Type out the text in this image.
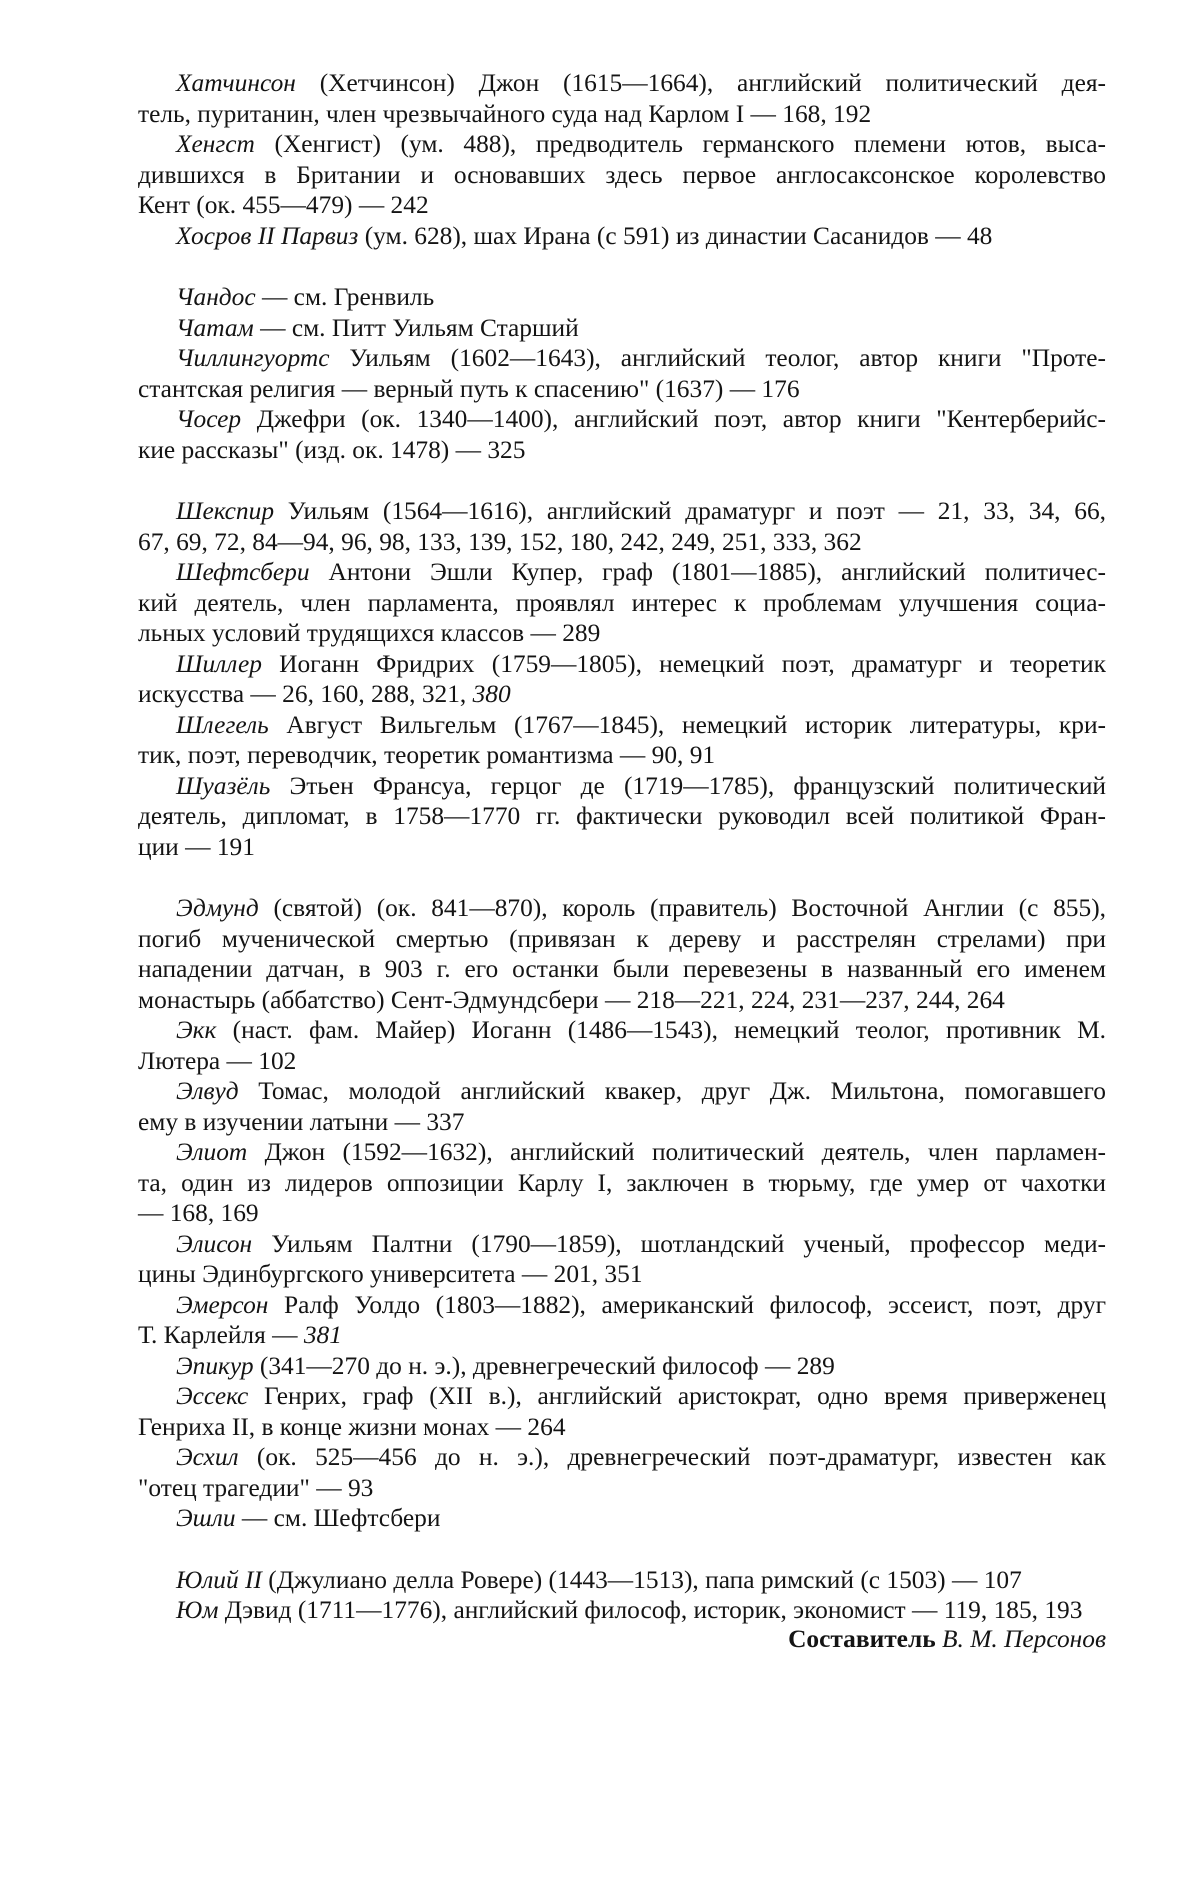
Хатчинсон (Хетчинсон) Джон (1615—1664), английский политический дея-
тель, пуританин, член чрезвычайного суда над Карлом I — 168, 192
Хенгст (Хенгист) (ум. 488), предводитель германского племени ютов, выса-
дившихся в Британии и основавших здесь первое англосаксонское королевство
Кент (ок. 455—479) — 242
Хосров II Парвиз (ум. 628), шах Ирана (с 591) из династии Сасанидов — 48
Чандос — см. Гренвиль
Чатам — см. Питт Уильям Старший
Чиллингуортс Уильям (1602—1643), английский теолог, автор книги "Проте-
стантская религия — верный путь к спасению" (1637) — 176
Чосер Джефри (ок. 1340—1400), английский поэт, автор книги "Кентерберийс-
кие рассказы" (изд. ок. 1478) — 325
Шекспир Уильям (1564—1616), английский драматург и поэт — 21, 33, 34, 66,
67, 69, 72, 84—94, 96, 98, 133, 139, 152, 180, 242, 249, 251, 333, 362
Шефтсбери Антони Эшли Купер, граф (1801—1885), английский политичес-
кий деятель, член парламента, проявлял интерес к проблемам улучшения социа-
льных условий трудящихся классов — 289
Шиллер Иоганн Фридрих (1759—1805), немецкий поэт, драматург и теоретик
искусства — 26, 160, 288, 321, 380
Шлегель Август Вильгельм (1767—1845), немецкий историк литературы, кри-
тик, поэт, переводчик, теоретик романтизма — 90, 91
Шуазёль Этьен Франсуа, герцог де (1719—1785), французский политический
деятель, дипломат, в 1758—1770 гг. фактически руководил всей политикой Фран-
ции — 191
Эдмунд (святой) (ок. 841—870), король (правитель) Восточной Англии (с 855),
погиб мученической смертью (привязан к дереву и расстрелян стрелами) при
нападении датчан, в 903 г. его останки были перевезены в названный его именем
монастырь (аббатство) Сент-Эдмундсбери — 218—221, 224, 231—237, 244, 264
Экк (наст. фам. Майер) Иоганн (1486—1543), немецкий теолог, противник М.
Лютера — 102
Элвуд Томас, молодой английский квакер, друг Дж. Мильтона, помогавшего
ему в изучении латыни — 337
Элиот Джон (1592—1632), английский политический деятель, член парламен-
та, один из лидеров оппозиции Карлу I, заключен в тюрьму, где умер от чахотки
— 168, 169
Элисон Уильям Палтни (1790—1859), шотландский ученый, профессор меди-
цины Эдинбургского университета — 201, 351
Эмерсон Ралф Уолдо (1803—1882), американский философ, эссеист, поэт, друг
Т. Карлейля — 381
Эпикур (341—270 до н. э.), древнегреческий философ — 289
Эссекс Генрих, граф (XII в.), английский аристократ, одно время приверженец
Генриха II, в конце жизни монах — 264
Эсхил (ок. 525—456 до н. э.), древнегреческий поэт-драматург, известен как
"отец трагедии" — 93
Эшли — см. Шефтсбери
Юлий II (Джулиано делла Ровере) (1443—1513), папа римский (с 1503) — 107
Юм Дэвид (1711—1776), английский философ, историк, экономист — 119, 185, 193
Составитель В. М. Персонов
